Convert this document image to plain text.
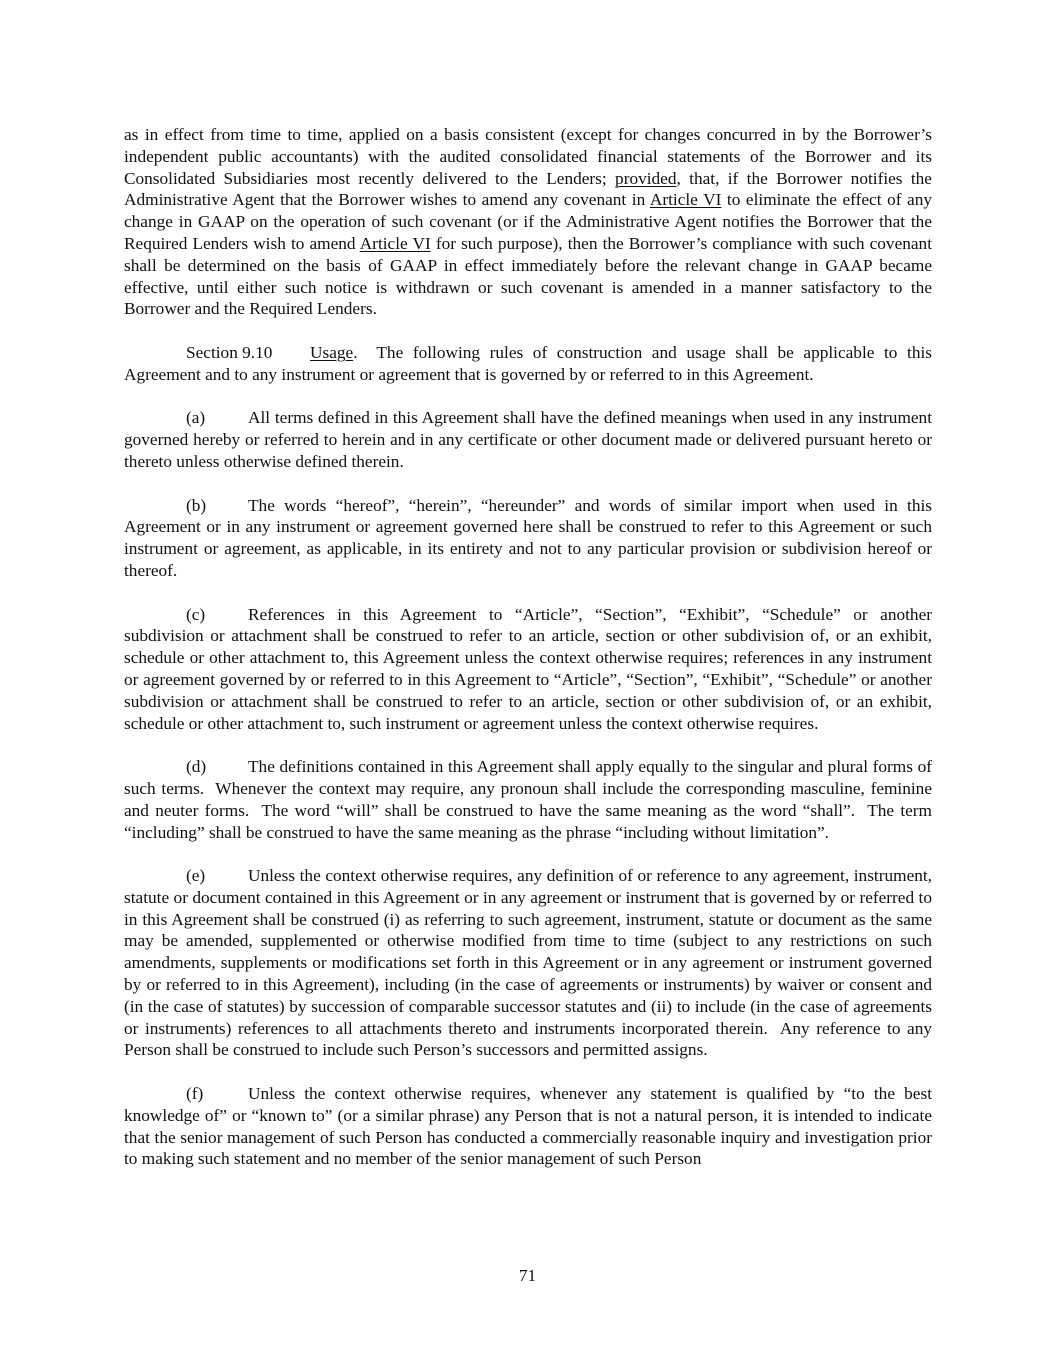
as in effect from time to time, applied on a basis consistent (except for changes concurred in by the Borrower’s independent public accountants) with the audited consolidated financial statements of the Borrower and its Consolidated Subsidiaries most recently delivered to the Lenders; provided, that, if the Borrower notifies the Administrative Agent that the Borrower wishes to amend any covenant in Article VI to eliminate the effect of any change in GAAP on the operation of such covenant (or if the Administrative Agent notifies the Borrower that the Required Lenders wish to amend Article VI for such purpose), then the Borrower’s compliance with such covenant shall be determined on the basis of GAAP in effect immediately before the relevant change in GAAP became effective, until either such notice is withdrawn or such covenant is amended in a manner satisfactory to the Borrower and the Required Lenders.

Section 9.10 Usage.  The following rules of construction and usage shall be applicable to this Agreement and to any instrument or agreement that is governed by or referred to in this Agreement.

(a) All terms defined in this Agreement shall have the defined meanings when used in any instrument governed hereby or referred to herein and in any certificate or other document made or delivered pursuant hereto or thereto unless otherwise defined therein.

(b) The words “hereof”, “herein”, “hereunder” and words of similar import when used in this Agreement or in any instrument or agreement governed here shall be construed to refer to this Agreement or such instrument or agreement, as applicable, in its entirety and not to any particular provision or subdivision hereof or thereof.

(c) References in this Agreement to “Article”, “Section”, “Exhibit”, “Schedule” or another subdivision or attachment shall be construed to refer to an article, section or other subdivision of, or an exhibit, schedule or other attachment to, this Agreement unless the context otherwise requires; references in any instrument or agreement governed by or referred to in this Agreement to “Article”, “Section”, “Exhibit”, “Schedule” or another subdivision or attachment shall be construed to refer to an article, section or other subdivision of, or an exhibit, schedule or other attachment to, such instrument or agreement unless the context otherwise requires.

(d) The definitions contained in this Agreement shall apply equally to the singular and plural forms of such terms.  Whenever the context may require, any pronoun shall include the corresponding masculine, feminine and neuter forms.  The word “will” shall be construed to have the same meaning as the word “shall”.  The term “including” shall be construed to have the same meaning as the phrase “including without limitation”.

(e) Unless the context otherwise requires, any definition of or reference to any agreement, instrument, statute or document contained in this Agreement or in any agreement or instrument that is governed by or referred to in this Agreement shall be construed (i) as referring to such agreement, instrument, statute or document as the same may be amended, supplemented or otherwise modified from time to time (subject to any restrictions on such amendments, supplements or modifications set forth in this Agreement or in any agreement or instrument governed by or referred to in this Agreement), including (in the case of agreements or instruments) by waiver or consent and (in the case of statutes) by succession of comparable successor statutes and (ii) to include (in the case of agreements or instruments) references to all attachments thereto and instruments incorporated therein.  Any reference to any Person shall be construed to include such Person’s successors and permitted assigns.

(f)	Unless the context otherwise requires, whenever any statement is qualified by “to the best knowledge of” or “known to” (or a similar phrase) any Person that is not a natural person, it is intended to indicate that the senior management of such Person has conducted a commercially reasonable inquiry and investigation prior to making such statement and no member of the senior management of such Person

71
